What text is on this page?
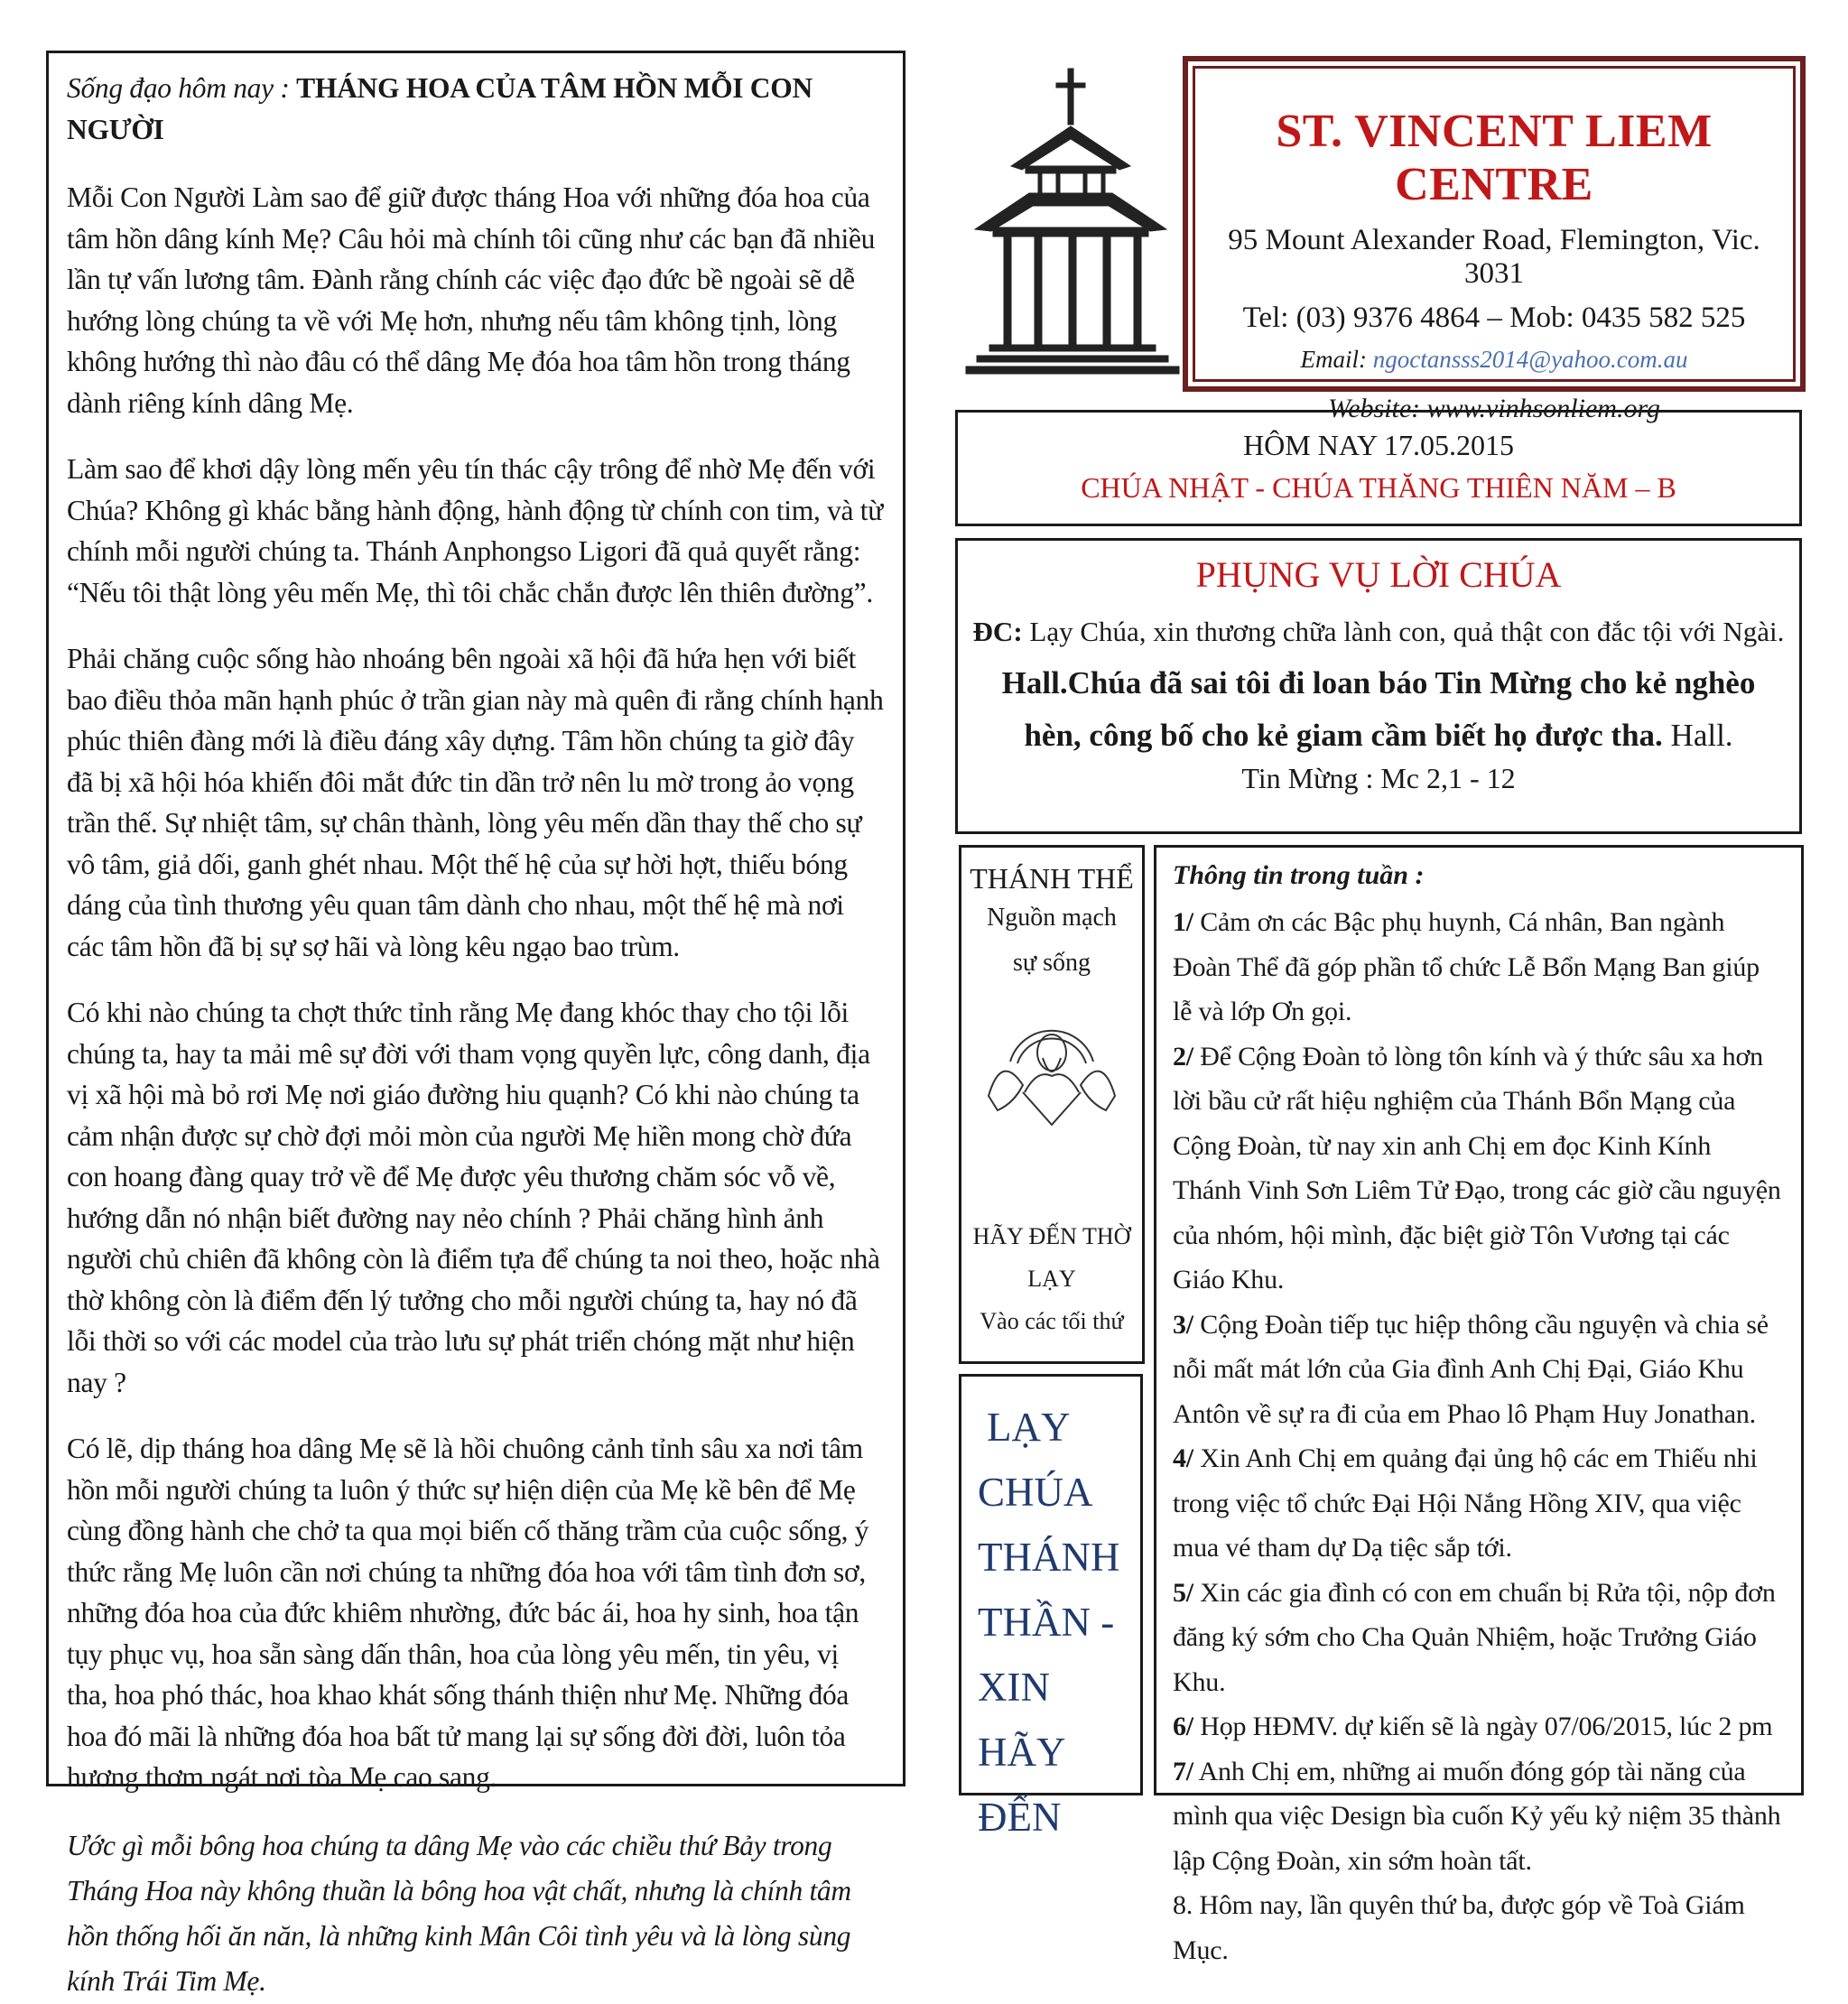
Sống đạo hôm nay : THÁNG HOA CỦA TÂM HỒN MỖI CON NGƯỜI

Mỗi Con Người Làm sao để giữ được tháng Hoa với những đóa hoa của tâm hồn dâng kính Mẹ? Câu hỏi mà chính tôi cũng như các bạn đã nhiều lần tự vấn lương tâm. Đành rằng chính các việc đạo đức bề ngoài sẽ dễ hướng lòng chúng ta về với Mẹ hơn, nhưng nếu tâm không tịnh, lòng không hướng thì nào đâu có thể dâng Mẹ đóa hoa tâm hồn trong tháng dành riêng kính dâng Mẹ.

Làm sao để khơi dậy lòng mến yêu tín thác cậy trông để nhờ Mẹ đến với Chúa? Không gì khác bằng hành động, hành động từ chính con tim, và từ chính mỗi người chúng ta. Thánh Anphongso Ligori đã quả quyết rằng: “Nếu tôi thật lòng yêu mến Mẹ, thì tôi chắc chắn được lên thiên đường”.

Phải chăng cuộc sống hào nhoáng bên ngoài xã hội đã hứa hẹn với biết bao điều thỏa mãn hạnh phúc ở trần gian này mà quên đi rằng chính hạnh phúc thiên đàng mới là điều đáng xây dựng. Tâm hồn chúng ta giờ đây đã bị xã hội hóa khiến đôi mắt đức tin dần trở nên lu mờ trong ảo vọng trần thế. Sự nhiệt tâm, sự chân thành, lòng yêu mến dần thay thế cho sự vô tâm, giả dối, ganh ghét nhau. Một thế hệ của sự hời hợt, thiếu bóng dáng của tình thương yêu quan tâm dành cho nhau, một thế hệ mà nơi các tâm hồn đã bị sự sợ hãi và lòng kêu ngạo bao trùm.

Có khi nào chúng ta chợt thức tỉnh rằng Mẹ đang khóc thay cho tội lỗi chúng ta, hay ta mải mê sự đời với tham vọng quyền lực, công danh, địa vị xã hội mà bỏ rơi Mẹ nơi giáo đường hiu quạnh? Có khi nào chúng ta cảm nhận được sự chờ đợi mỏi mòn của người Mẹ hiền mong chờ đứa con hoang đàng quay trở về để Mẹ được yêu thương chăm sóc vỗ về, hướng dẫn nó nhận biết đường nay nẻo chính ? Phải chăng hình ảnh người chủ chiên đã không còn là điểm tựa để chúng ta noi theo, hoặc nhà thờ không còn là điểm đến lý tưởng cho mỗi người chúng ta, hay nó đã lỗi thời so với các model của trào lưu sự phát triển chóng mặt như hiện nay ?

Có lẽ, dịp tháng hoa dâng Mẹ sẽ là hồi chuông cảnh tỉnh sâu xa nơi tâm hồn mỗi người chúng ta luôn ý thức sự hiện diện của Mẹ kề bên để Mẹ cùng đồng hành che chở ta qua mọi biến cố thăng trầm của cuộc sống, ý thức rằng Mẹ luôn cần nơi chúng ta những đóa hoa với tâm tình đơn sơ, những đóa hoa của đức khiêm nhường, đức bác ái, hoa hy sinh, hoa tận tụy phục vụ, hoa sẵn sàng dấn thân, hoa của lòng yêu mến, tin yêu, vị tha, hoa phó thác, hoa khao khát sống thánh thiện như Mẹ. Những đóa hoa đó mãi là những đóa hoa bất tử mang lại sự sống đời đời, luôn tỏa hương thơm ngát nơi tòa Mẹ cao sang.

Ước gì mỗi bông hoa chúng ta dâng Mẹ vào các chiều thứ Bảy trong Tháng Hoa này không thuần là bông hoa vật chất, nhưng là chính tâm hồn thống hối ăn năn, là những kinh Mân Côi tình yêu và là lòng sùng kính Trái Tim Mẹ.

ST. VINCENT LIEM CENTRE
95 Mount Alexander Road, Flemington, Vic. 3031
Tel: (03) 9376 4864 – Mob: 0435 582 525
Email: ngoctansss2014@yahoo.com.au
Website: www.vinhsonliem.org
HÔM NAY 17.05.2015
CHÚA NHẬT - CHÚA THĂNG THIÊN NĂM – B
PHỤNG VỤ LỜI CHÚA
ĐC: Lạy Chúa, xin thương chữa lành con, quả thật con đắc tội với Ngài.
Hall.Chúa đã sai tôi đi loan báo Tin Mừng cho kẻ nghèo hèn, công bố cho kẻ giam cầm biết họ được tha. Hall.
Tin Mừng : Mc 2,1 - 12
THÁNH THỂ
Nguồn mạch
sự sống
HÃY ĐẾN THỜ
LẠY
Vào các tối thứ
LẠY
CHÚA
THÁNH
THẦN -
XIN HÃY
ĐẾN
Thông tin trong tuần :

1/ Cảm ơn các Bậc phụ huynh, Cá nhân, Ban ngành Đoàn Thể đã góp phần tổ chức Lễ Bổn Mạng Ban giúp lễ và lớp Ơn gọi.

2/ Để Cộng Đoàn tỏ lòng tôn kính và ý thức sâu xa hơn lời bầu cử rất hiệu nghiệm của Thánh Bổn Mạng của Cộng Đoàn, từ nay xin anh Chị em đọc Kinh Kính Thánh Vinh Sơn Liêm Tử Đạo, trong các giờ cầu nguyện của nhóm, hội mình, đặc biệt giờ Tôn Vương tại các Giáo Khu.

3/ Cộng Đoàn tiếp tục hiệp thông cầu nguyện và chia sẻ nỗi mất mát lớn của Gia đình Anh Chị Đại, Giáo Khu Antôn về sự ra đi của em Phao lô Phạm Huy Jonathan.

4/ Xin Anh Chị em quảng đại ủng hộ các em Thiếu nhi trong việc tổ chức Đại Hội Nắng Hồng XIV, qua việc mua vé tham dự Dạ tiệc sắp tới.

5/ Xin các gia đình có con em chuẩn bị Rửa tội, nộp đơn đăng ký sớm cho Cha Quản Nhiệm, hoặc Trưởng Giáo Khu.

6/ Họp HĐMV. dự kiến sẽ là ngày 07/06/2015, lúc 2 pm

7/ Anh Chị em, những ai muốn đóng góp tài năng của mình qua việc Design bìa cuốn Kỷ yếu kỷ niệm 35 thành lập Cộng Đoàn, xin sớm hoàn tất.

8. Hôm nay, lần quyên thứ ba, được góp về Toà Giám Mục.
